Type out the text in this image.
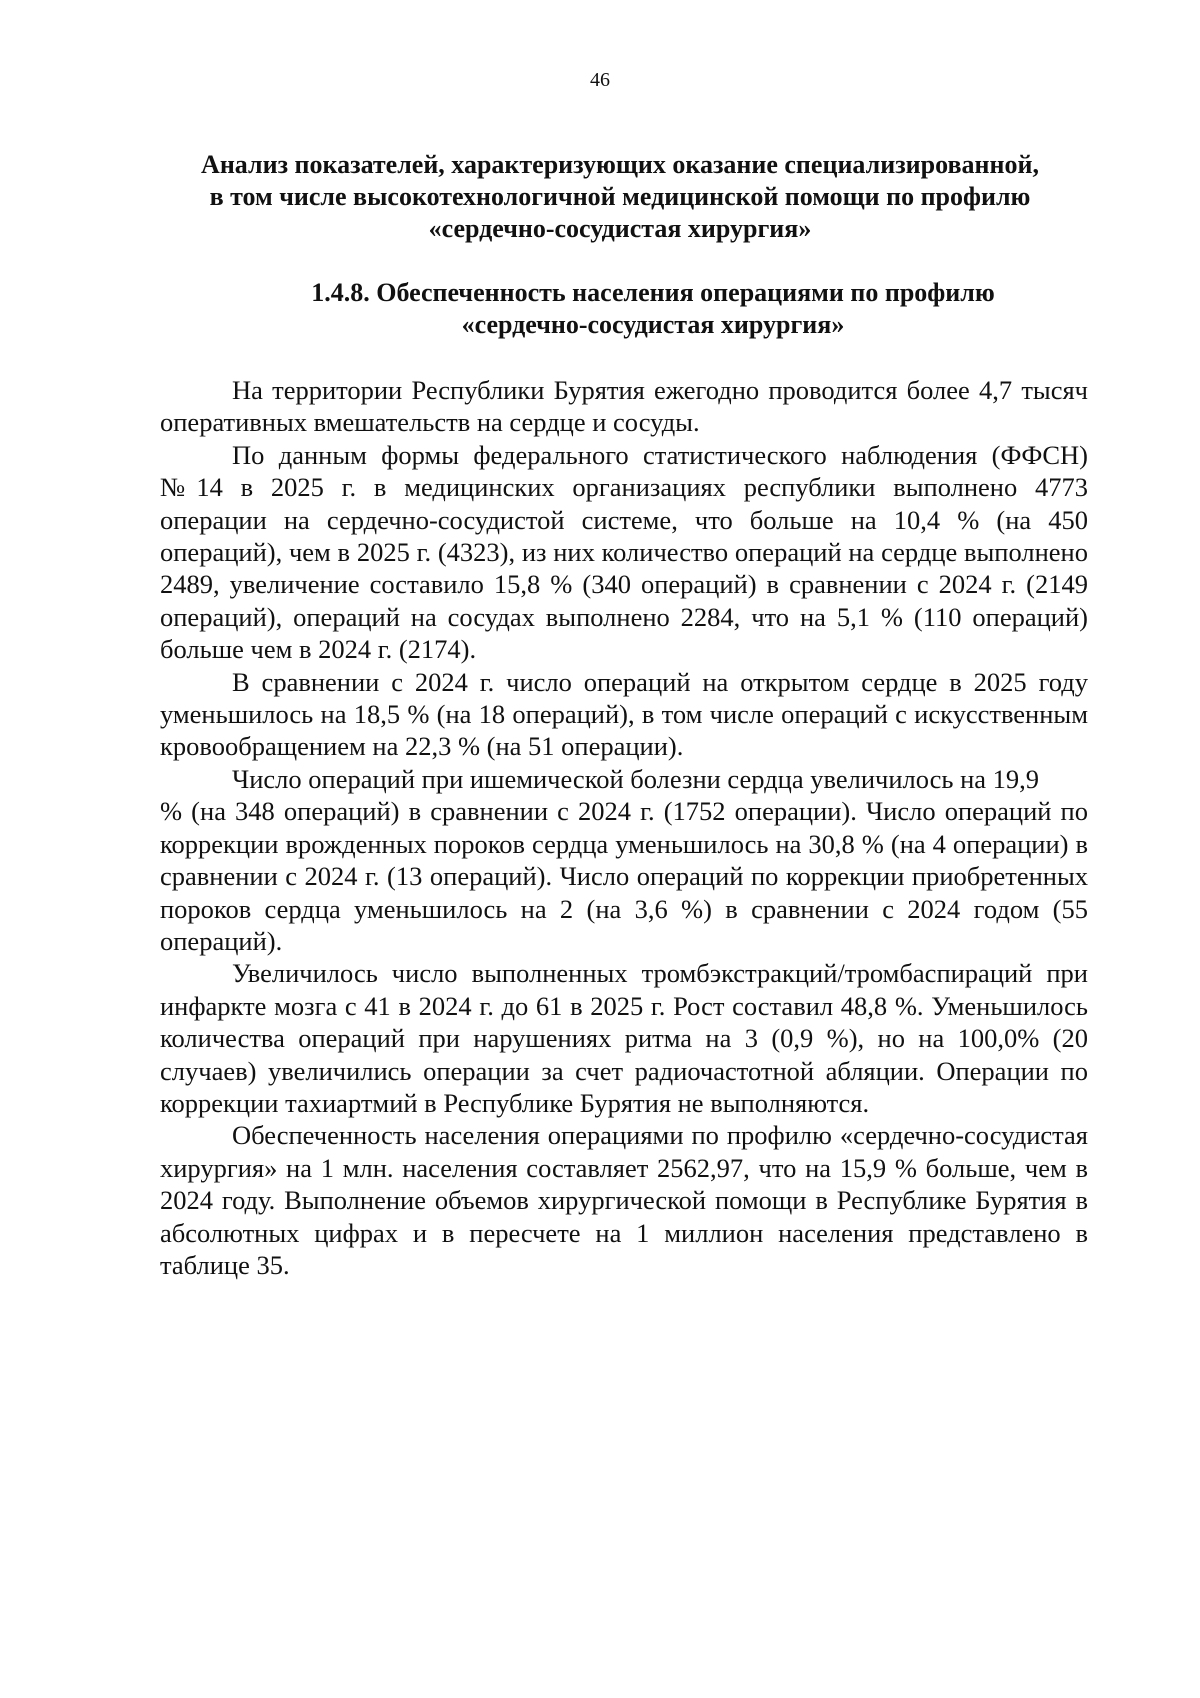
46
Анализ показателей, характеризующих оказание специализированной,
в том числе высокотехнологичной медицинской помощи по профилю
«сердечно-сосудистая хирургия»
1.4.8. Обеспеченность населения операциями по профилю
«сердечно-сосудистая хирургия»

На территории Республики Бурятия ежегодно проводится более 4,7 тысяч оперативных вмешательств на сердце и сосуды.

По данным формы федерального статистического наблюдения (ФФСН) №14 в 2025 г. в медицинских организациях республики выполнено 4773 операции на сердечно-сосудистой системе, что больше на 10,4 % (на 450 операций), чем в 2025 г. (4323), из них количество операций на сердце выполнено 2489, увеличение составило 15,8 % (340 операций) в сравнении с 2024 г. (2149 операций), операций на сосудах выполнено 2284, что на 5,1 % (110 операций) больше чем в 2024 г. (2174).

В сравнении с 2024 г. число операций на открытом сердце в 2025 году уменьшилось на 18,5 % (на 18 операций), в том числе операций с искусственным кровообращением на 22,3 % (на 51 операции).

Число операций при ишемической болезни сердца увеличилось на 19,9

% (на 348 операций) в сравнении с 2024 г. (1752 операции). Число операций по коррекции врожденных пороков сердца уменьшилось на 30,8 % (на 4 операции) в сравнении с 2024 г. (13 операций). Число операций по коррекции приобретенных пороков сердца уменьшилось на 2 (на 3,6 %) в сравнении с 2024 годом (55 операций).

Увеличилось число выполненных тромбэкстракций/тромбаспираций при инфаркте мозга с 41 в 2024 г. до 61 в 2025 г. Рост составил 48,8 %. Уменьшилось количества операций при нарушениях ритма на 3 (0,9 %), но на 100,0% (20 случаев) увеличились операции за счет радиочастотной абляции. Операции по коррекции тахиартмий в Республике Бурятия не выполняются.

Обеспеченность населения операциями по профилю «сердечно-сосудистая хирургия» на 1 млн. населения составляет 2562,97, что на 15,9 % больше, чем в 2024 году. Выполнение объемов хирургической помощи в Республике Бурятия в абсолютных цифрах и в пересчете на 1 миллион населения представлено в таблице 35.
